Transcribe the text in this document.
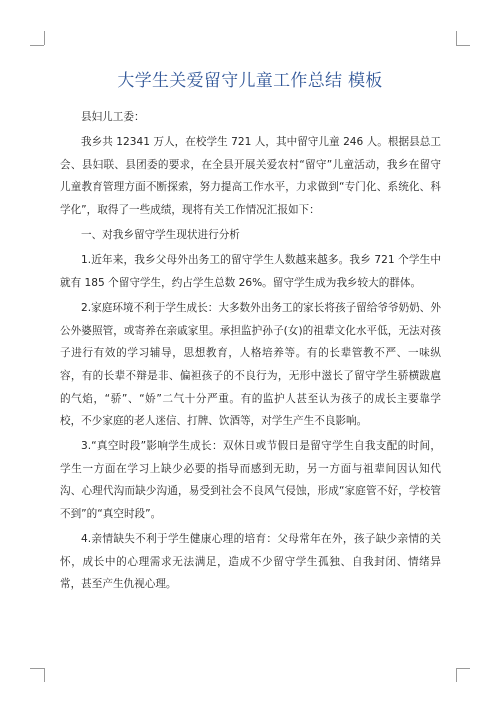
大学生关爱留守儿童工作总结 模板

县妇儿工委：

我乡共 12341 万人，在校学生 721 人，其中留守儿童 246 人。根据县总工会、县妇联、县团委的要求，在全县开展关爱农村“留守”儿童活动，我乡在留守儿童教育管理方面不断探索，努力提高工作水平，力求做到“专门化、系统化、科学化”，取得了一些成绩，现将有关工作情况汇报如下：

一、对我乡留守学生现状进行分析

1.近年来，我乡父母外出务工的留守学生人数越来越多。我乡 721 个学生中就有 185 个留守学生，约占学生总数 26%。留守学生成为我乡较大的群体。

2.家庭环境不利于学生成长：大多数外出务工的家长将孩子留给爷爷奶奶、外公外婆照管，或寄养在亲戚家里。承担监护孙子(女)的祖辈文化水平低，无法对孩子进行有效的学习辅导，思想教育，人格培养等。有的长辈管教不严、一味纵容，有的长辈不辩是非、偏袒孩子的不良行为，无形中滋长了留守学生骄横跋扈的气焰，“骄”、“娇”二气十分严重。有的监护人甚至认为孩子的成长主要靠学校，不少家庭的老人迷信、打牌、饮酒等，对学生产生不良影响。

3.“真空时段”影响学生成长：双休日或节假日是留守学生自我支配的时间，学生一方面在学习上缺少必要的指导而感到无助，另一方面与祖辈间因认知代沟、心理代沟而缺少沟通，易受到社会不良风气侵蚀，形成“家庭管不好，学校管不到”的“真空时段”。

4.亲情缺失不利于学生健康心理的培育：父母常年在外，孩子缺少亲情的关怀，成长中的心理需求无法满足，造成不少留守学生孤独、自我封闭、情绪异常，甚至产生仇视心理。
